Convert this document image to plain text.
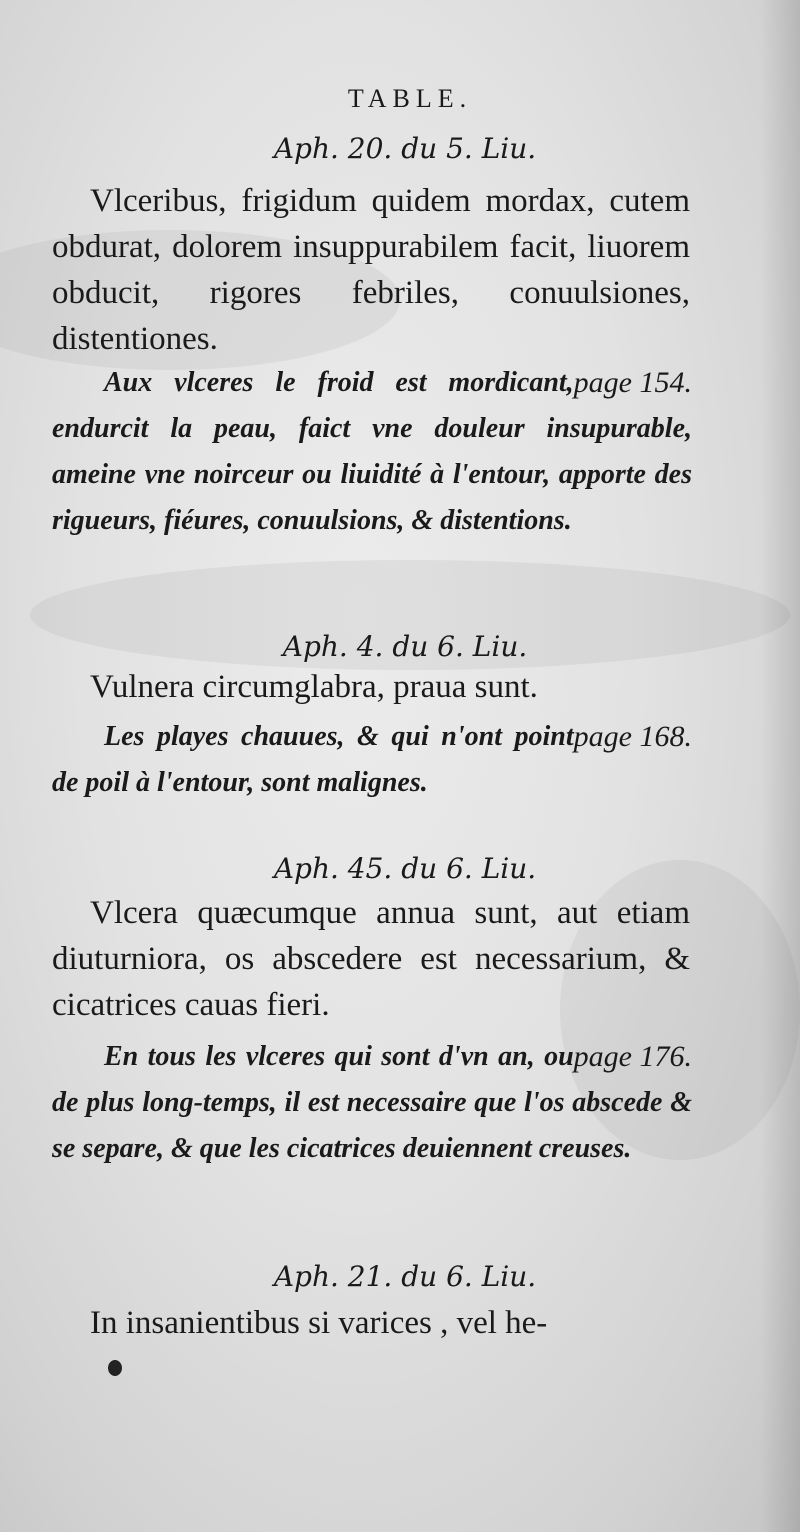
TABLE.
Aph. 20. du 5. Liu.

Vlceribus, frigidum quidem mordax, cutem obdurat, dolorem insuppurabilem facit, liuorem obducit, rigores febriles, conuulsiones, distentiones.

page 154.
Aux vlceres le froid est mordicant, endurcit la peau, faict vne douleur insupurable, ameine vne noirceur ou liuidité à l'entour, apporte des rigueurs, fiéures, conuulsions, & distentions.

Aph. 4. du 6. Liu.

Vulnera circumglabra, praua sunt.

page 168.
Les playes chauues, & qui n'ont point de poil à l'entour, sont malignes.

Aph. 45. du 6. Liu.

Vlcera quæcumque annua sunt, aut etiam diuturniora, os abscedere est necessarium, & cicatrices cauas fieri.

page 176.
En tous les vlceres qui sont d'vn an, ou de plus long-temps, il est necessaire que l'os abscede & se separe, & que les cicatrices deuiennent creuses.

Aph. 21. du 6. Liu.

In insanientibus si varices , vel he-
